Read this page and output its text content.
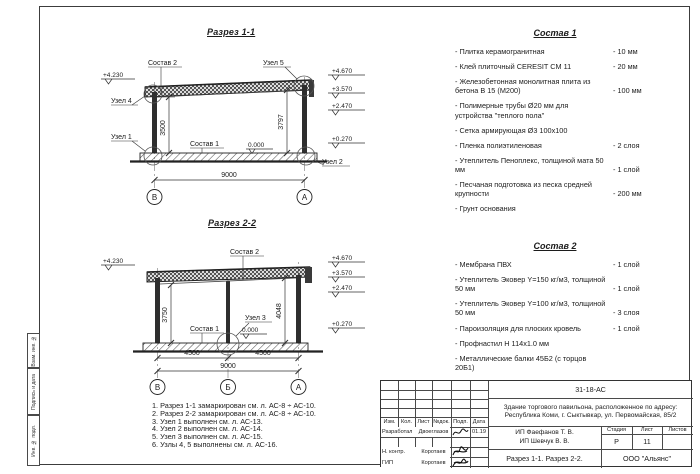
Взам. инв. №
Подпись и дата
Инв. № подл.
Разрез 1-1
9000
3500	3797
В	А
+4.670
+3.570
+2.470
+0.270
+4.230
0.000
Состав 2	Узел 5
Узел 4
Узел 1
Узел 2
Состав 1
Разрез 2-2
4500	4500
9000
3750	4048
В	Б	А
+4.670
+3.570
+2.470
+0.270
+4.230
0.000
Состав 2
Состав 1
Узел 3
Состав 1
- Плитка керамогранитная	- 10 мм
- Клей плиточный CERESIT CM 11	- 20 мм
- Железобетонная монолитная плита из бетона В 15 (М200)	- 100 мм
- Полимерные трубы Ø20 мм для устройства "теплого пола"
- Сетка армирующая Ø3 100х100
- Пленка полиэтиленовая	- 2 слоя
- Утеплитель Пеноплекс, толщиной мата 50 мм	- 1 слой
- Песчаная подготовка из песка средней крупности	- 200 мм
- Грунт основания
Состав 2
- Мембрана ПВХ	- 1 слой
- Утеплитель Эковер Y=150 кг/м3, толщиной 50 мм	- 1 слой
- Утеплитель Эковер Y=100 кг/м3, толщиной 50 мм	- 3 слоя
- Пароизоляция для плоских кровель	- 1 слой
- Профнастил Н 114х1.0 мм
- Металлические балки 45Б2 (с торцов 20Б1)
1. Разрез 1-1 замаркирован см. л. АС-8 ÷ АС-10.
2. Разрез 2-2 замаркирован см. л. АС-8 ÷ АС-10.
3. Узел 1 выполнен см. л. АС-13.
4. Узел 2 выполнен см. л. АС-14.
5. Узел 3 выполнен см. л. АС-15.
6. Узлы 4, 5 выполнены см. л. АС-16.
Изм. Кол. Лист №док. Подп. Дата
Разработал	Двоеглазов	01.19
Н. контр.	Коротаев
ГИП	Коротаев
31-18-АС
Здание торгового павильона, расположенное по адресу:
Республика Коми, г. Сыктывкар, ул. Первомайская, 85/2
ИП Фаефанов Т. В.
ИП Шевчук В. В.
Стадия	Лист	Листов
Р	11
Разрез 1-1. Разрез 2-2.	ООО "Альянс"
